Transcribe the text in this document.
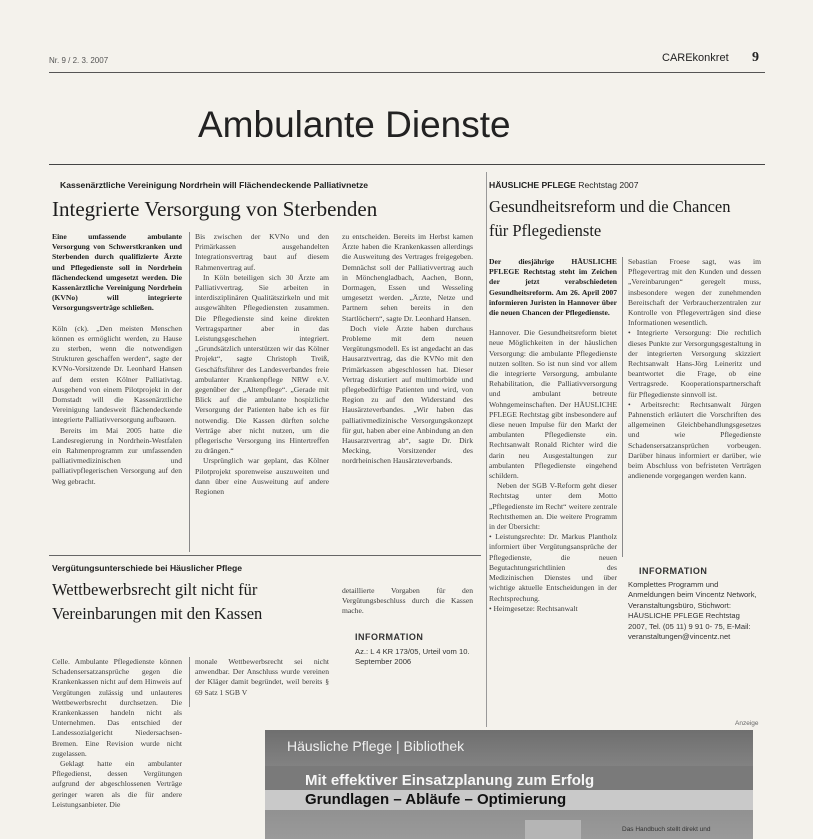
Nr. 9 / 2. 3. 2007	CAREkonkret 9
Ambulante Dienste
Kassenärztliche Vereinigung Nordrhein will Flächendeckende Palliativnetze
Integrierte Versorgung von Sterbenden

Eine umfassende ambulante Versorgung von Schwerstkranken und Sterbenden durch qualifizierte Ärzte und Pflegedienste soll in Nordrhein flächendeckend umgesetzt werden. Die Kassenärztliche Vereinigung Nordrhein (KVNo) will integrierte Versorgungsverträge schließen.

Köln (ck). „Den meisten Menschen können es ermöglicht werden, zu Hause zu sterben, wenn die notwendigen Strukturen geschaffen werden“, sagte der KVNo-Vorsitzende Dr. Leonhard Hansen auf dem ersten Kölner Palliativtag. Ausgehend von einem Pilotprojekt in der Domstadt will die Kassenärztliche Vereinigung landesweit flächendeckende integrierte Palliativversorgung aufbauen.

Bereits im Mai 2005 hatte die Landesregierung in Nordrhein-Westfalen ein Rahmenprogramm zur umfassenden palliativmedizinischen und palliativpflegerischen Versorgung auf den Weg gebracht.

Bis zwischen der KVNo und den Primärkassen ausgehandelten Integrationsvertrag baut auf diesem Rahmenvertrag auf.

In Köln beteiligen sich 30 Ärzte am Palliativvertrag. Sie arbeiten in interdisziplinären Qualitätszirkeln und mit ausgewählten Pflegediensten zusammen. Die Pflegedienste sind keine direkten Vertragspartner aber in das Leistungsgeschehen integriert. „Grundsätzlich unterstützen wir das Kölner Projekt“, sagte Christoph Treiß, Geschäftsführer des Landesverbandes freie ambulanter Krankenpflege NRW e.V. gegenüber der „Altenpflege“. „Gerade mit Blick auf die ambulante hospizliche Versorgung der Patienten habe ich es für notwendig. Die Kassen dürften solche Verträge aber nicht nutzen, um die pflegerische Versorgung ins Hintertreffen zu drängen.“

Ursprünglich war geplant, das Kölner Pilotprojekt sporenweise auszuweiten und dann über eine Ausweitung auf andere Regionen

zu entscheiden. Bereits im Herbst kamen Ärzte haben die Krankenkassen allerdings die Ausweitung des Vertrages freigegeben. Demnächst soll der Palliativvertrag auch in Mönchengladbach, Aachen, Bonn, Dormagen, Essen und Wesseling umgesetzt werden. „Ärzte, Netze und Partnern sehen bereits in den Startlöchern“, sagte Dr. Leonhard Hansen.

Doch viele Ärzte haben durchaus Probleme mit dem neuen Vergütungsmodell. Es ist angedacht an das Hausarztvertrag, das die KVNo mit den Primärkassen abgeschlossen hat. Dieser Vertrag diskutiert auf multimorbide und pflegebedürftige Patienten und wird, von Region zu auf den Widerstand des Hausärzteverbandes. „Wir haben das palliativmedizinische Versorgungskonzept für gut, haben aber eine Anbindung an den Hausarztvertrag ab“, sagte Dr. Dirk Mecking, Vorsitzender des nordrheinischen Hausärzteverbands.

HÄUSLICHE PFLEGE Rechtstag 2007
Gesundheitsreform und die Chancen für Pflegedienste

Der diesjährige HÄUSLICHE PFLEGE Rechtstag steht im Zeichen der jetzt verabschiedeten Gesundheitsreform. Am 26. April 2007 informieren Juristen in Hannover über die neuen Chancen der Pflegedienste.

Hannover. Die Gesundheitsreform bietet neue Möglichkeiten in der häuslichen Versorgung: die ambulante Pflegedienste nutzen sollten. So ist nun sind vor allem die integrierte Versorgung, ambulante Rehabilitation, die Palliativversorgung und ambulant betreute Wohngemeinschaften. Der HÄUSLICHE PFLEGE Rechtstag gibt insbesondere auf diese neuen Impulse für den Markt der ambulanten Pflegedienste ein. Rechtsanwalt Ronald Richter wird die darin neu Ausgestaltungen zur ambulanten Pflegedienste eingehend schildern.

Neben der SGB V-Reform geht dieser Rechtstag unter dem Motto „Pflegedienste im Recht“ weitere zentrale Rechtsthemen an. Die weitere Programm in der Übersicht:

• Leistungsrechte: Dr. Markus Plantholz informiert über Vergütungsansprüche der Pflegedienste, die neuen Begutachtungsrichtlinien des Medizinischen Dienstes und über wichtige aktuelle Entscheidungen in der Rechtsprechung.

• Heimgesetze: Rechtsanwalt

Sebastian Froese sagt, was im Pflegevertrag mit den Kunden und dessen „Vereinbarungen“ geregelt muss, insbesondere wegen der zunehmenden Bereitschaft der Verbraucherzentralen zur Kontrolle von Pflegeverträgen sind diese Informationen wesentlich.

• Integrierte Versorgung: Die rechtlich dieses Punkte zur Versorgungsgestaltung in der integrierten Versorgung skizziert Rechtsanwalt Hans-Jörg Leineritz und beantwortet die Frage, ob eine Vertragsrede. Kooperationspartnerschaft für Pflegedienste sinnvoll ist.

• Arbeitsrecht: Rechtsanwalt Jürgen Pahnenstich erläutert die Vorschriften des allgemeinen Gleichbehandlungsgesetzes und wie Pflegedienste Schadensersatzansprüchen vorbeugen. Darüber hinaus informiert er darüber, wie beim Abschluss von befristeten Verträgen andienende vorgegangen werden kann.

INFORMATION
Komplettes Programm und Anmeldungen beim Vincentz Network, Veranstaltungsbüro, Stichwort: HÄUSLICHE PFLEGE Rechtstag 2007, Tel. (05 11) 9 91 0- 75, E-Mail: veranstaltungen@vincentz.net
Vergütungsunterschiede bei Häuslicher Pflege
Wettbewerbsrecht gilt nicht für Vereinbarungen mit den Kassen

Celle. Ambulante Pflegedienste können Schadensersatzansprüche gegen die Krankenkassen nicht auf dem Hinweis auf Vergütungen zulässig und unlauteres Wettbewerbsrecht durchsetzen. Die Krankenkassen handeln nicht als Unternehmen. Das entschied der Landessozialgericht Niedersachsen-Bremen. Eine Revision wurde nicht zugelassen.

Geklagt hatte ein ambulanter Pflegedienst, dessen Vergütungen aufgrund der abgeschlossenen Verträge geringer waren als die für andere Leistungsanbieter. Die

monale Wettbewerbsrecht sei nicht anwendbar. Der Anschluss wurde vereinen der Kläger damit begründet, weil bereits § 69 Satz 1 SGB V

detaillierte Vorgaben für den Vergütungsbeschluss durch die Kassen mache.

INFORMATION
Az.: L 4 KR 173/05, Urteil vom 10. September 2006
Anzeige
Häusliche Pflege | Bibliothek
Mit effektiver Einsatzplanung zum Erfolg
Grundlagen – Abläufe – Optimierung
Das Handbuch stellt direkt und
